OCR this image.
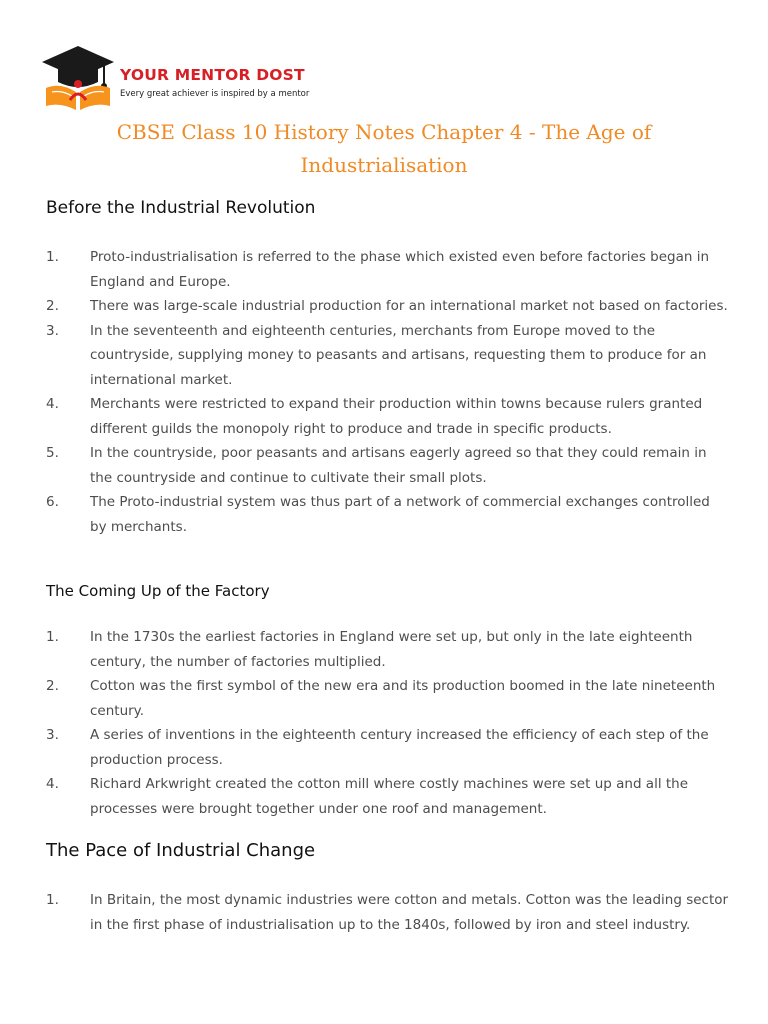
YOUR MENTOR DOST
Every great achiever is inspired by a mentor
CBSE Class 10 History Notes Chapter 4 - The Age of Industrialisation
Before the Industrial Revolution
1.	Proto-industrialisation is referred to the phase which existed even before factories began in England and Europe.
2.	There was large-scale industrial production for an international market not based on factories.
3.	In the seventeenth and eighteenth centuries, merchants from Europe moved to the countryside, supplying money to peasants and artisans, requesting them to produce for an international market.
4.	Merchants were restricted to expand their production within towns because rulers granted different guilds the monopoly right to produce and trade in specific products.
5.	In the countryside, poor peasants and artisans eagerly agreed so that they could remain in the countryside and continue to cultivate their small plots.
6.	The Proto-industrial system was thus part of a network of commercial exchanges controlled by merchants.
The Coming Up of the Factory
1.	In the 1730s the earliest factories in England were set up, but only in the late eighteenth century, the number of factories multiplied.
2.	Cotton was the first symbol of the new era and its production boomed in the late nineteenth century.
3.	A series of inventions in the eighteenth century increased the efficiency of each step of the production process.
4.	Richard Arkwright created the cotton mill where costly machines were set up and all the processes were brought together under one roof and management.
The Pace of Industrial Change
1.	In Britain, the most dynamic industries were cotton and metals. Cotton was the leading sector in the first phase of industrialisation up to the 1840s, followed by iron and steel industry.
